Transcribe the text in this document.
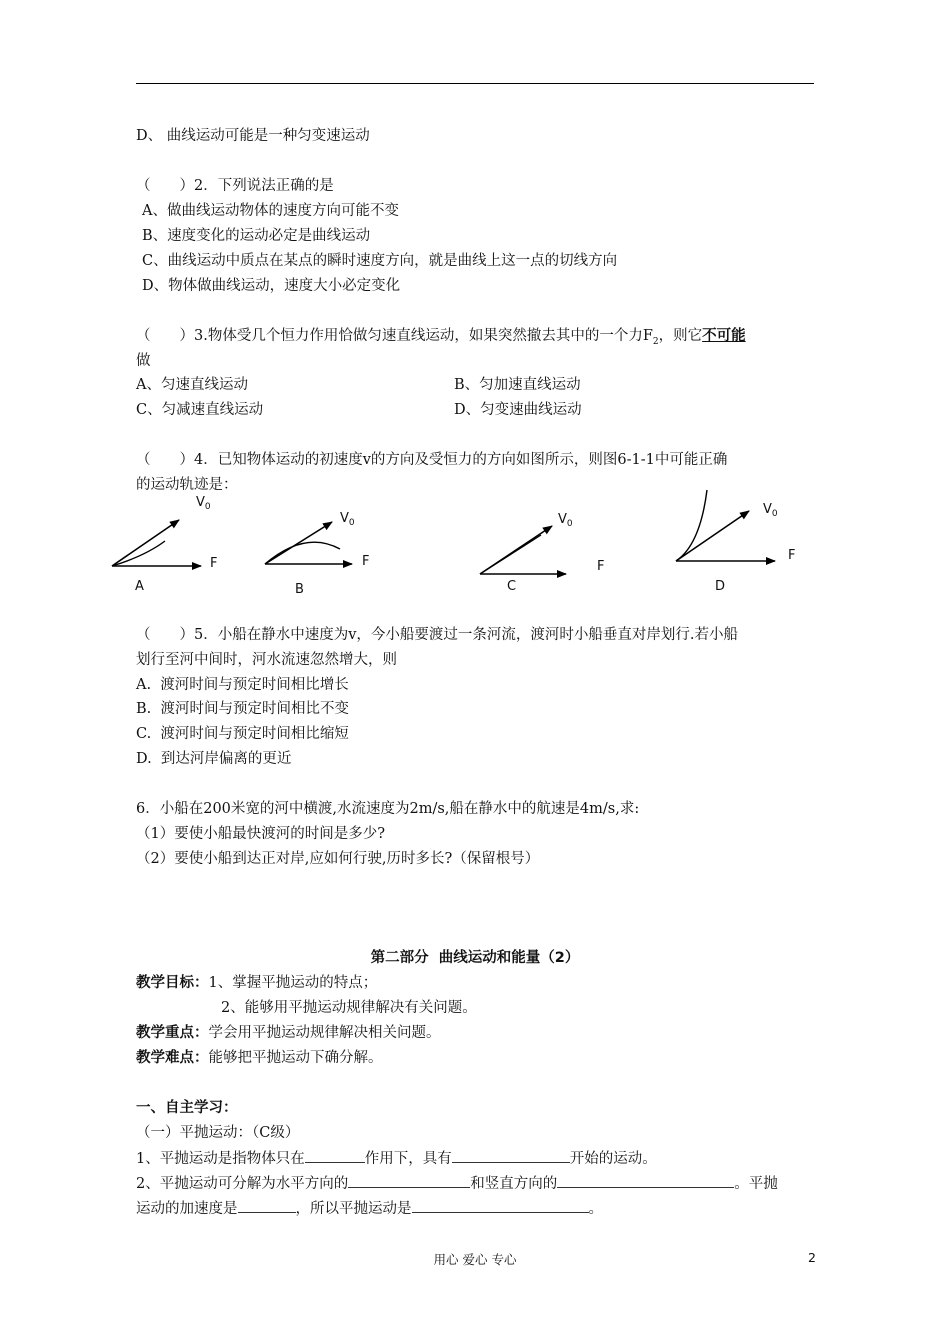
D、 曲线运动可能是一种匀变速运动
（　　）2．下列说法正确的是
A、做曲线运动物体的速度方向可能不变
B、速度变化的运动必定是曲线运动
C、曲线运动中质点在某点的瞬时速度方向，就是曲线上这一点的切线方向
D、物体做曲线运动，速度大小必定变化
（　　）3.物体受几个恒力作用恰做匀速直线运动，如果突然撤去其中的一个力$F_2$，则它不可能
做
A、匀速直线运动	B、匀加速直线运动
C、匀减速直线运动	D、匀变速曲线运动
（　　）4．已知物体运动的初速度v的方向及受恒力的方向如图所示，则图6-1-1中可能正确
的运动轨迹是：
$V_0$
F
A
$V_0$
F
B
$V_0$
F
C
$V_0$
F
D
（　　）5．小船在静水中速度为v，今小船要渡过一条河流，渡河时小船垂直对岸划行.若小船
划行至河中间时，河水流速忽然增大，则
A.  渡河时间与预定时间相比增长
B.  渡河时间与预定时间相比不变
C.  渡河时间与预定时间相比缩短
D.  到达河岸偏离的更近
6．小船在200米宽的河中横渡,水流速度为2m/s,船在静水中的航速是4m/s,求:
（1）要使小船最快渡河的时间是多少?
（2）要使小船到达正对岸,应如何行驶,历时多长?（保留根号）
第二部分  曲线运动和能量（2）
教学目标：1、掌握平抛运动的特点；
2、能够用平抛运动规律解决有关问题。
教学重点：学会用平抛运动规律解决相关问题。
教学难点：能够把平抛运动下确分解。
一、自主学习：
（一）平抛运动：（C级）
1、平抛运动是指物体只在	作用下，具有	开始的运动。
2、平抛运动可分解为水平方向的	和竖直方向的	。平抛
运动的加速度是	，所以平抛运动是	。
用心 爱心 专心	2
